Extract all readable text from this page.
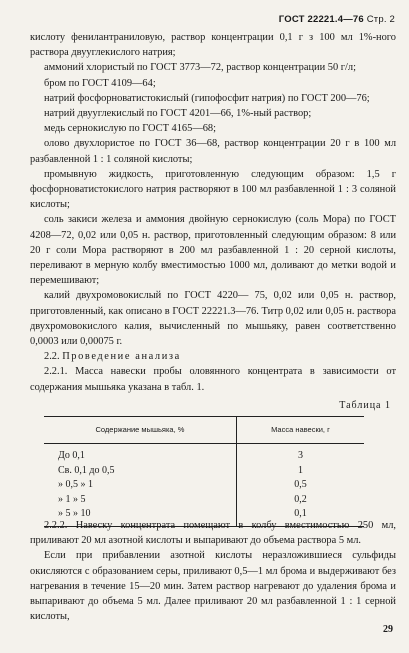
ГОСТ 22221.4—76 Стр. 2

кислоту фенилантраниловую, раствор концентрации 0,1 г з 100 мл 1%-ного раствора двууглекислого натрия;

аммоний хлористый по ГОСТ 3773—72, раствор концентрации 50 г/л;

бром по ГОСТ 4109—64;

натрий фосфорноватистокислый (гипофосфит натрия) по ГОСТ 200—76;

натрий двууглекислый по ГОСТ 4201—66, 1%-ный раствор;

медь сернокислую по ГОСТ 4165—68;

олово двухлористое по ГОСТ 36—68, раствор концентрации 20 г в 100 мл разбавленной 1 : 1 соляной кислоты;

промывную жидкость, приготовленную следующим образом: 1,5 г фосфорноватистокислого натрия растворяют в 100 мл разбавленной 1 : 3 соляной кислоты;

соль закиси железа и аммония двойную сернокислую (соль Мора) по ГОСТ 4208—72, 0,02 или 0,05 н. раствор, приготовленный следующим образом: 8 или 20 г соли Мора растворяют в 200 мл разбавленной 1 : 20 серной кислоты, переливают в мерную колбу вместимостью 1000 мл, доливают до метки водой и перемешивают;

калий двухромовокислый по ГОСТ 4220— 75, 0,02 или 0,05 н. раствор, приготовленный, как описано в ГОСТ 22221.3—76. Титр 0,02 или 0,05 н. раствора двухромовокислого калия, вычисленный по мышьяку, равен соответственно 0,0003 или 0,00075 г.

2.2. Проведение анализа

2.2.1. Масса навески пробы оловянного концентрата в зависимости от содержания мышьяка указана в табл. 1.

Таблица 1
Содержание мышьяка, %	Масса навески, г
До 0,1	3
Св. 0,1 до 0,5	1
» 0,5 » 1	0,5
» 1 » 5	0,2
» 5 » 10	0,1

2.2.2. Навеску концентрата помещают в колбу вместимостью 250 мл, приливают 20 мл азотной кислоты и выпаривают до объема раствора 5 мл.

Если при прибавлении азотной кислоты неразложившиеся сульфиды окисляются с образованием серы, приливают 0,5—1 мл брома и выдерживают без нагревания в течение 15—20 мин. Затем раствор нагревают до удаления брома и выпаривают до объема 5 мл. Далее приливают 20 мл разбавленной 1 : 1 серной кислоты,

29
